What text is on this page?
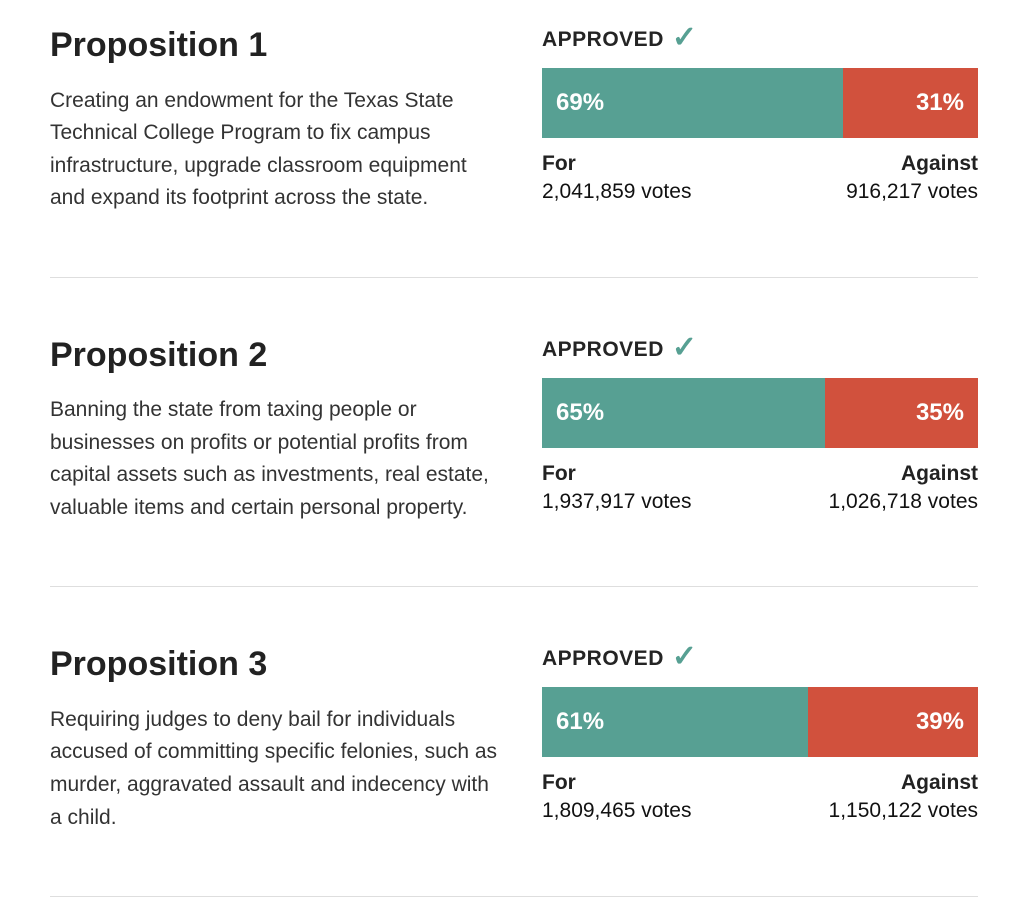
Proposition 1

Creating an endowment for the Texas State Technical College Program to fix campus infrastructure, upgrade classroom equipment and expand its footprint across the state.

APPROVED ✓
69%	31%
For	Against
2,041,859 votes	916,217 votes
Proposition 2

Banning the state from taxing people or businesses on profits or potential profits from capital assets such as investments, real estate, valuable items and certain personal property.

APPROVED ✓
65%	35%
For	Against
1,937,917 votes	1,026,718 votes
Proposition 3

Requiring judges to deny bail for individuals accused of committing specific felonies, such as murder, aggravated assault and indecency with a child.

APPROVED ✓
61%	39%
For	Against
1,809,465 votes	1,150,122 votes
